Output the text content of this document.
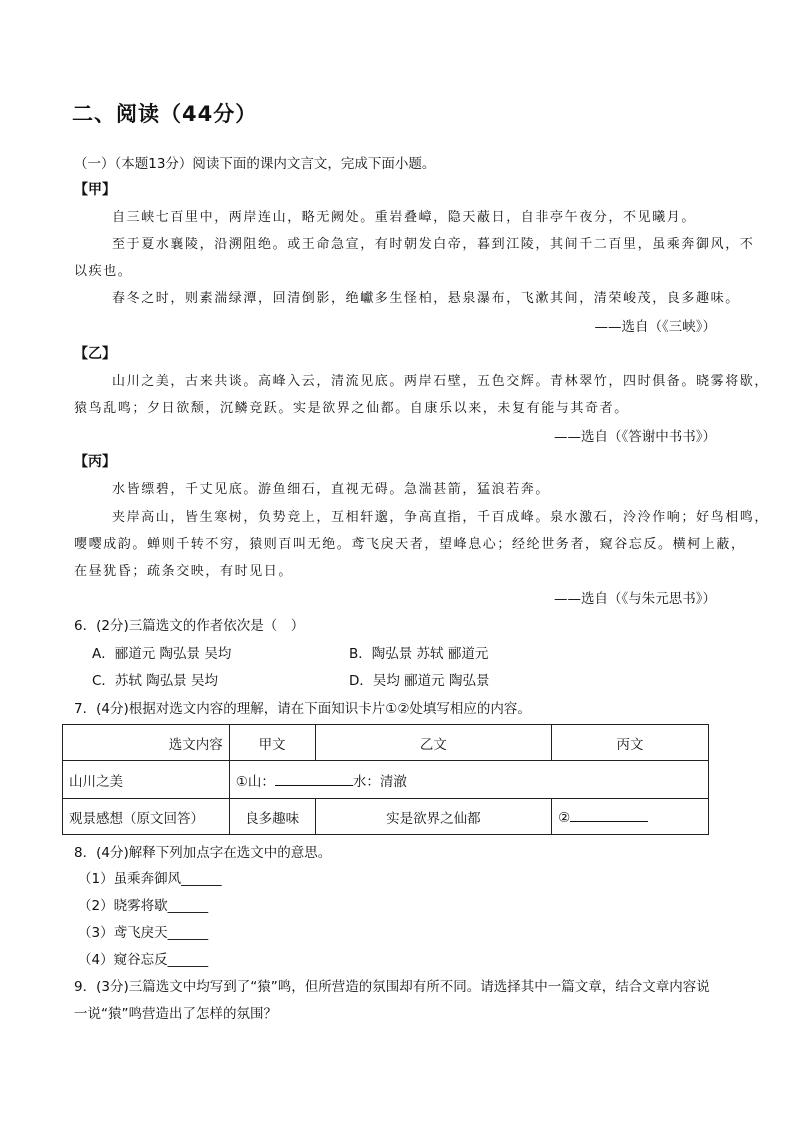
二、阅读（44分）
（一）（本题13分）阅读下面的课内文言文，完成下面小题。
【甲】
自三峡七百里中，两岸连山，略无阙处。重岩叠嶂，隐天蔽日，自非亭午夜分，不见曦月。
至于夏水襄陵，沿溯阻绝。或王命急宣，有时朝发白帝，暮到江陵，其间千二百里，虽乘奔御风，不
以疾也。
春冬之时，则素湍绿潭，回清倒影，绝巘多生怪柏，悬泉瀑布，飞漱其间，清荣峻茂，良多趣味。
——选自（《三峡》）
【乙】
山川之美，古来共谈。高峰入云，清流见底。两岸石壁，五色交辉。青林翠竹，四时俱备。晓雾将歇，
猿鸟乱鸣；夕日欲颓，沉鳞竞跃。实是欲界之仙都。自康乐以来，未复有能与其奇者。
——选自（《答谢中书书》）
【丙】
水皆缥碧，千丈见底。游鱼细石，直视无碍。急湍甚箭，猛浪若奔。
夹岸高山，皆生寒树，负势竞上，互相轩邈，争高直指，千百成峰。泉水激石，泠泠作响；好鸟相鸣，
嘤嘤成韵。蝉则千转不穷，猿则百叫无绝。鸢飞戾天者，望峰息心；经纶世务者，窥谷忘反。横柯上蔽，
在昼犹昏；疏条交映，有时见日。
——选自（《与朱元思书》）
6．(2分)三篇选文的作者依次是（　）
A．郦道元 陶弘景 吴均	B．陶弘景 苏轼 郦道元
C．苏轼 陶弘景 吴均	D．吴均 郦道元 陶弘景
7．(4分)根据对选文内容的理解，请在下面知识卡片①②处填写相应的内容。
选文内容	甲文	乙文	丙文
山川之美	①山： 水：清澈		
观景感想（原文回答）	良多趣味	实是欲界之仙都	②
8．(4分)解释下列加点字在选文中的意思。
（1）虽乘奔御风______
（2）晓雾将歇______
（3）鸢飞戾天______
（4）窥谷忘反______
9．(3分)三篇选文中均写到了“猿”鸣，但所营造的氛围却有所不同。请选择其中一篇文章，结合文章内容说
一说“猿”鸣营造出了怎样的氛围？
